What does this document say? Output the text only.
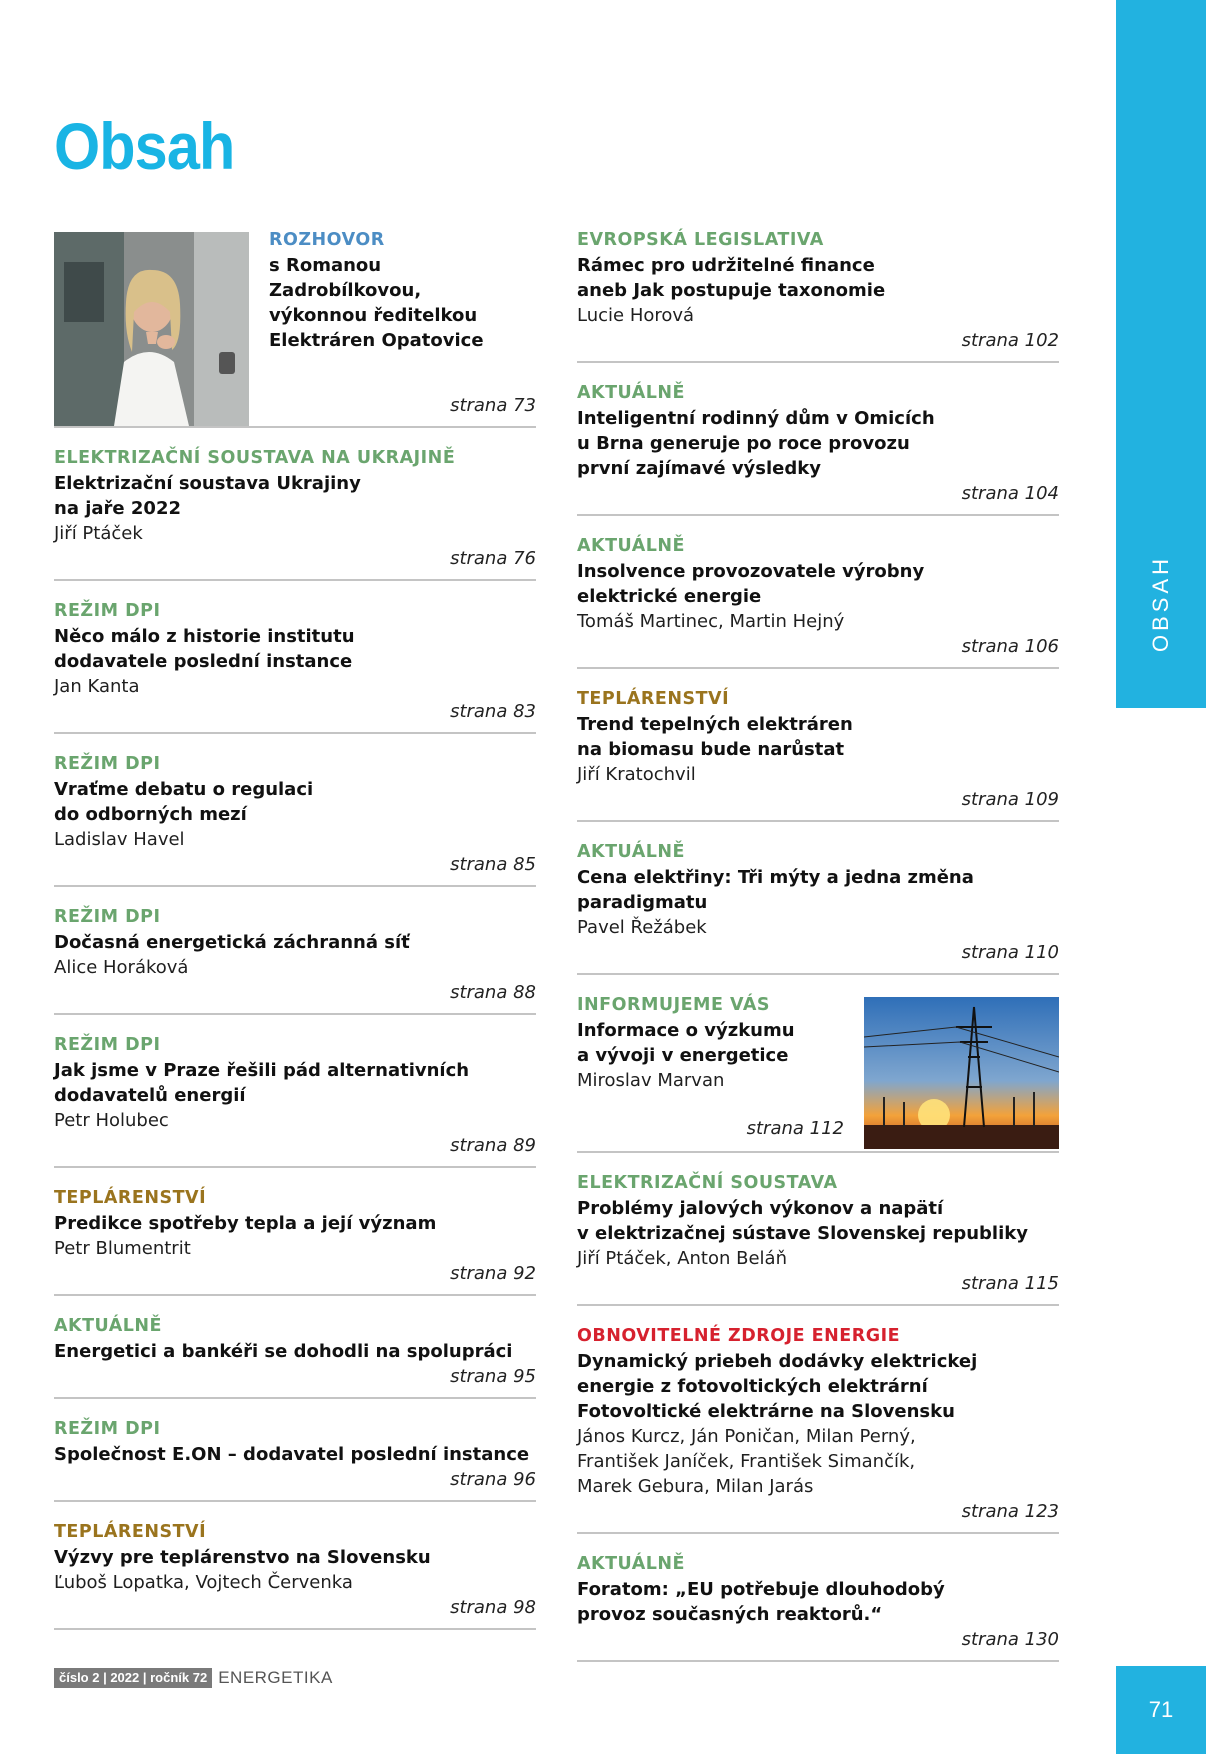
Obsah
OBSAH
ROZHOVOR
s Romanou Zadrobílkovou,
výkonnou ředitelkou
Elektráren Opatovice
strana 73
ELEKTRIZAČNÍ SOUSTAVA NA UKRAJINĚ
Elektrizační soustava Ukrajiny
na jaře 2022
Jiří Ptáček
strana 76
REŽIM DPI
Něco málo z historie institutu
dodavatele poslední instance
Jan Kanta
strana 83
REŽIM DPI
Vraťme debatu o regulaci
do odborných mezí
Ladislav Havel
strana 85
REŽIM DPI
Dočasná energetická záchranná síť
Alice Horáková
strana 88
REŽIM DPI
Jak jsme v Praze řešili pád alternativních
dodavatelů energií
Petr Holubec
strana 89
TEPLÁRENSTVÍ
Predikce spotřeby tepla a její význam
Petr Blumentrit
strana 92
AKTUÁLNĚ
Energetici a bankéři se dohodli na spolupráci
strana 95
REŽIM DPI
Společnost E.ON – dodavatel poslední instance
strana 96
TEPLÁRENSTVÍ
Výzvy pre teplárenstvo na Slovensku
Ľuboš Lopatka, Vojtech Červenka
strana 98
EVROPSKÁ LEGISLATIVA
Rámec pro udržitelné finance
aneb Jak postupuje taxonomie
Lucie Horová
strana 102
AKTUÁLNĚ
Inteligentní rodinný dům v Omicích
u Brna generuje po roce provozu
první zajímavé výsledky
strana 104
AKTUÁLNĚ
Insolvence provozovatele výrobny
elektrické energie
Tomáš Martinec, Martin Hejný
strana 106
TEPLÁRENSTVÍ
Trend tepelných elektráren
na biomasu bude narůstat
Jiří Kratochvil
strana 109
AKTUÁLNĚ
Cena elektřiny: Tři mýty a jedna změna paradigmatu
Pavel Řežábek
strana 110
INFORMUJEME VÁS
Informace o výzkumu
a vývoji v energetice
Miroslav Marvan
strana 112
ELEKTRIZAČNÍ SOUSTAVA
Problémy jalových výkonov a napätí
v elektrizačnej sústave Slovenskej republiky
Jiří Ptáček, Anton Beláň
strana 115
OBNOVITELNÉ ZDROJE ENERGIE
Dynamický priebeh dodávky elektrickej
energie z fotovoltických elektrární
Fotovoltické elektrárne na Slovensku
János Kurcz, Ján Poničan, Milan Perný,
František Janíček, František Simančík,
Marek Gebura, Milan Jarás
strana 123
AKTUÁLNĚ
Foratom: „EU potřebuje dlouhodobý
provoz současných reaktorů.“
strana 130
číslo 2 | 2022 | ročník 72 ENERGETIKA
71
